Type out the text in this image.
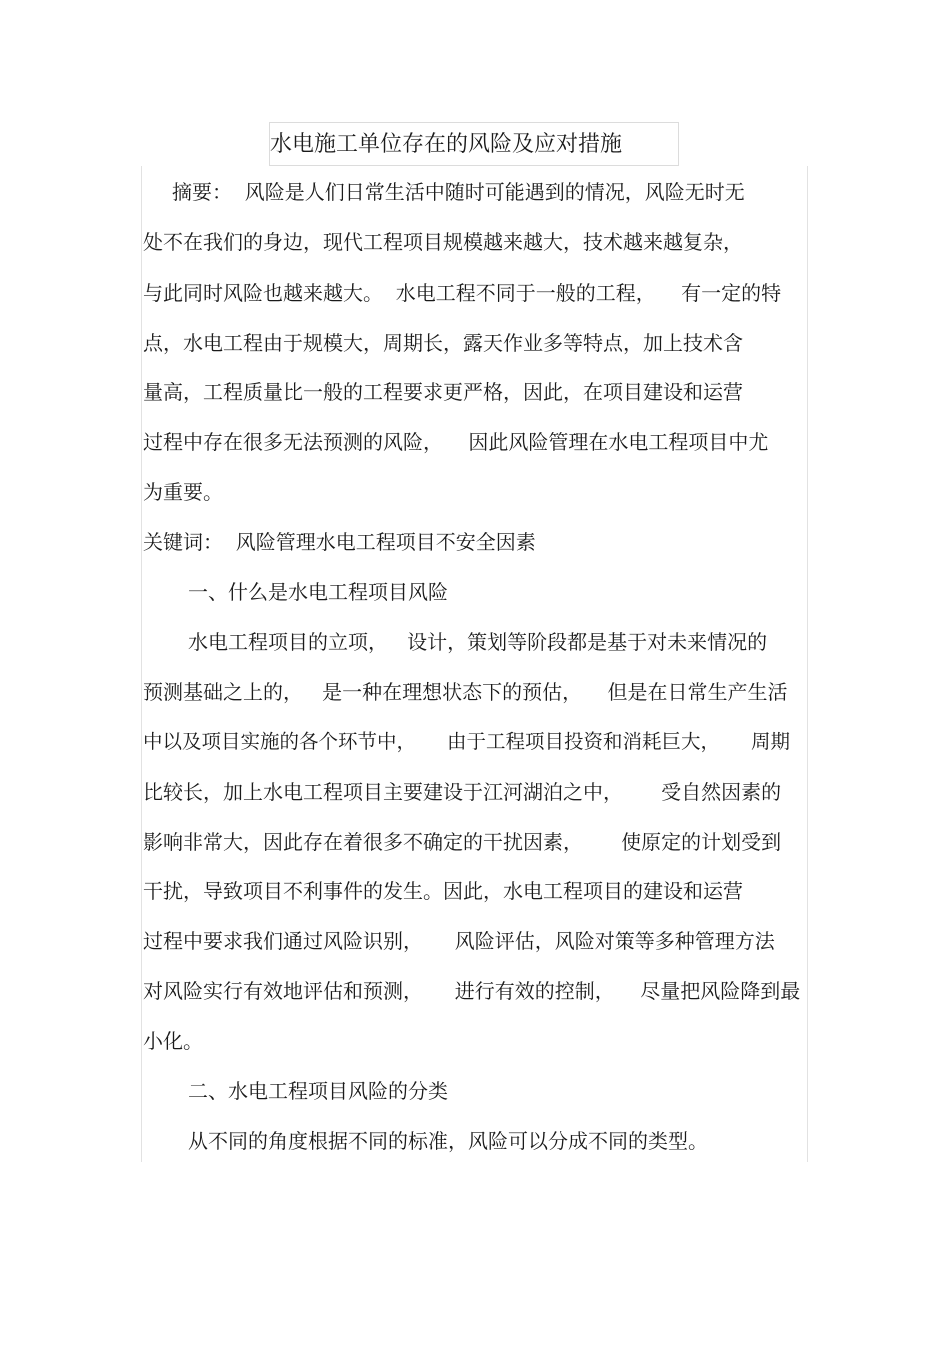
水电施工单位存在的风险及应对措施

摘要：  风险是人们日常生活中随时可能遇到的情况，风险无时无

处不在我们的身边，现代工程项目规模越来越大，技术越来越复杂，

与此同时风险也越来越大。  水电工程不同于一般的工程，    有一定的特

点，水电工程由于规模大，周期长，露天作业多等特点，加上技术含

量高，工程质量比一般的工程要求更严格，因此，在项目建设和运营

过程中存在很多无法预测的风险，    因此风险管理在水电工程项目中尤

为重要。

关键词：  风险管理水电工程项目不安全因素

一、什么是水电工程项目风险

水电工程项目的立项，   设计，策划等阶段都是基于对未来情况的

预测基础之上的，   是一种在理想状态下的预估，    但是在日常生产生活

中以及项目实施的各个环节中，     由于工程项目投资和消耗巨大，     周期

比较长，加上水电工程项目主要建设于江河湖泊之中，      受自然因素的

影响非常大，因此存在着很多不确定的干扰因素，      使原定的计划受到

干扰，导致项目不利事件的发生。因此，水电工程项目的建设和运营

过程中要求我们通过风险识别，     风险评估，风险对策等多种管理方法

对风险实行有效地评估和预测，     进行有效的控制，    尽量把风险降到最

小化。

二、水电工程项目风险的分类

从不同的角度根据不同的标准，风险可以分成不同的类型。
